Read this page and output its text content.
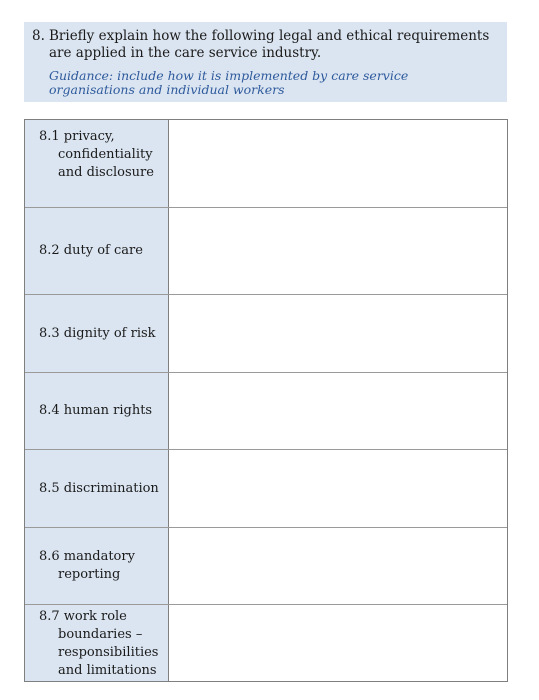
8. Briefly explain how the following legal and ethical requirements are applied in the care service industry.
Guidance: include how it is implemented by care service organisations and individual workers
8.1 privacy, confidentiality and disclosure
8.2 duty of care
8.3 dignity of risk
8.4 human rights
8.5 discrimination
8.6 mandatory reporting
8.7 work role boundaries – responsibilities and limitations
